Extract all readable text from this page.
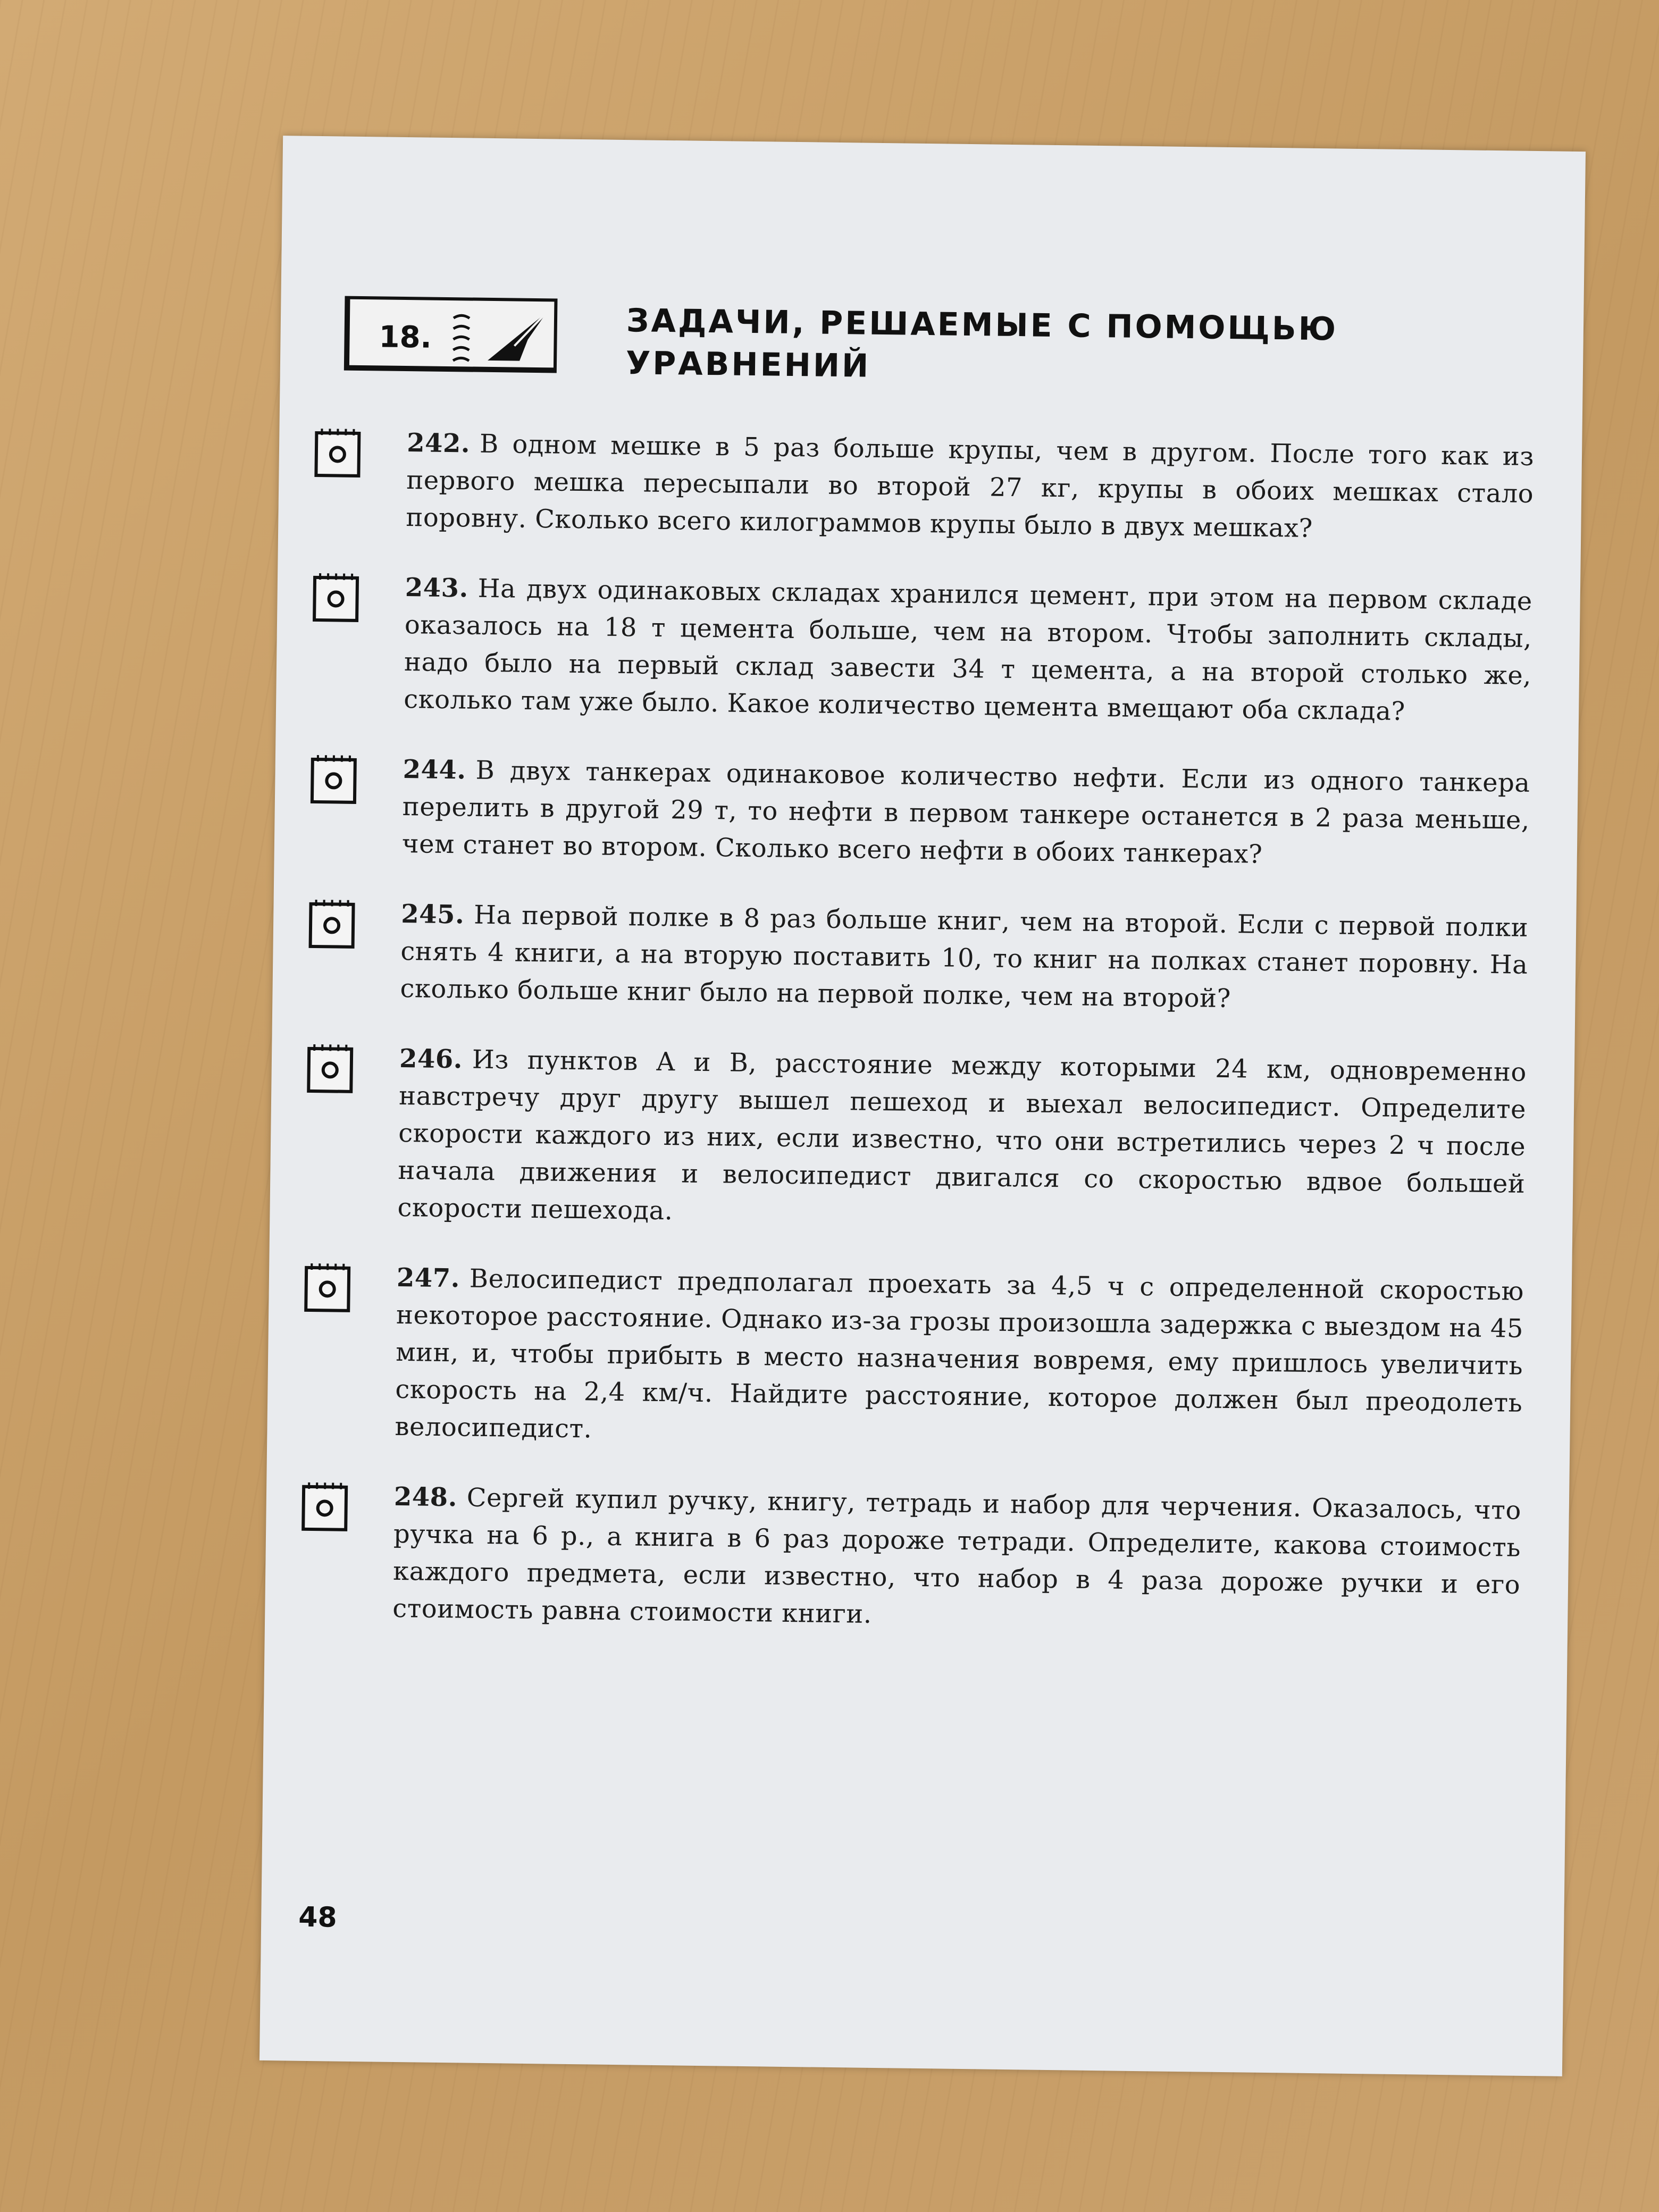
18.	ЗАДАЧИ, РЕШАЕМЫЕ С ПОМОЩЬЮ
УРАВНЕНИЙ
242. В одном мешке в 5 раз больше крупы, чем в другом. После того как из первого мешка пересыпали во второй 27 кг, крупы в обоих мешках стало поровну. Сколько всего килограммов крупы было в двух мешках?
243. На двух одинаковых складах хранился цемент, при этом на первом складе оказалось на 18 т цемента больше, чем на втором. Чтобы заполнить склады, надо было на первый склад завести 34 т цемента, а на второй столько же, сколько там уже было. Какое количество цемента вмещают оба склада?
244. В двух танкерах одинаковое количество нефти. Если из одного танкера перелить в другой 29 т, то нефти в первом танкере останется в 2 раза меньше, чем станет во втором. Сколько всего нефти в обоих танкерах?
245. На первой полке в 8 раз больше книг, чем на второй. Если с первой полки снять 4 книги, а на вторую поставить 10, то книг на полках станет поровну. На сколько больше книг было на первой полке, чем на второй?
246. Из пунктов A и B, расстояние между которыми 24 км, одновременно навстречу друг другу вышел пешеход и выехал велосипедист. Определите скорости каждого из них, если известно, что они встретились через 2 ч после начала движения и велосипедист двигался со скоростью вдвое большей скорости пешехода.
247. Велосипедист предполагал проехать за 4,5 ч с определенной скоростью некоторое расстояние. Однако из-за грозы произошла задержка с выездом на 45 мин, и, чтобы прибыть в место назначения вовремя, ему пришлось увеличить скорость на 2,4 км/ч. Найдите расстояние, которое должен был преодолеть велосипедист.
248. Сергей купил ручку, книгу, тетрадь и набор для черчения. Оказалось, что ручка на 6 р., а книга в 6 раз дороже тетради. Определите, какова стоимость каждого предмета, если известно, что набор в 4 раза дороже ручки и его стоимость равна стоимости книги.
48
